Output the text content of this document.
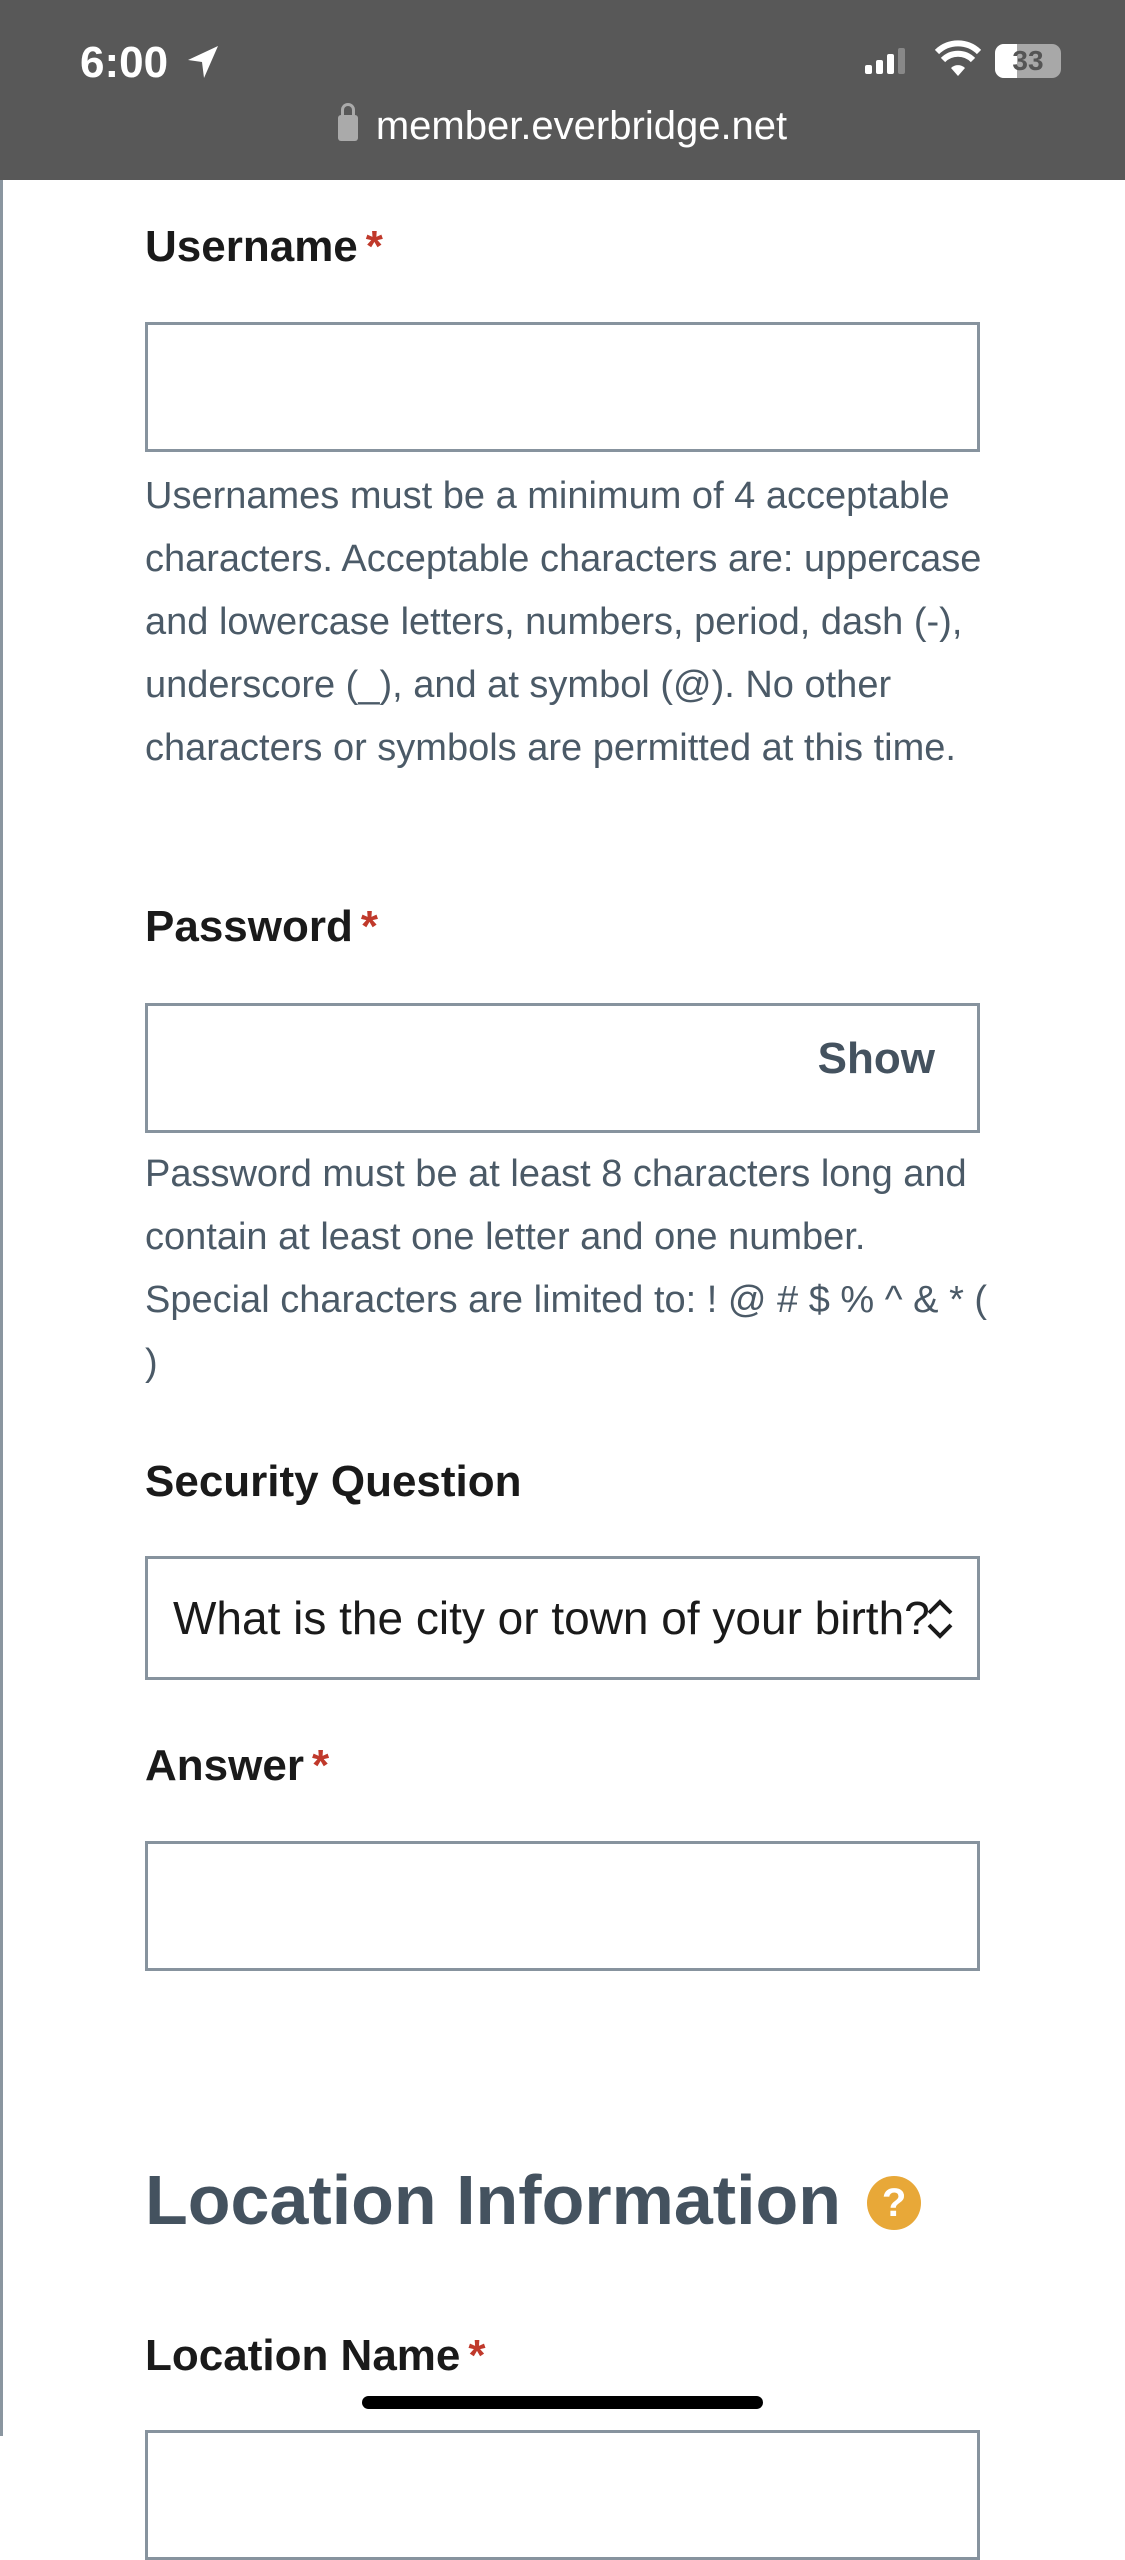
6:00	33
member.everbridge.net
Username *
Usernames must be a minimum of 4 acceptable characters. Acceptable characters are: uppercase and lowercase letters, numbers, period, dash (-), underscore (_), and at symbol (@). No other characters or symbols are permitted at this time.
Password *
Show
Password must be at least 8 characters long and contain at least one letter and one number. Special characters are limited to: ! @ # $ % ^ & * ( )
Security Question
What is the city or town of your birth?
Answer *
Location Information ?
Location Name *
